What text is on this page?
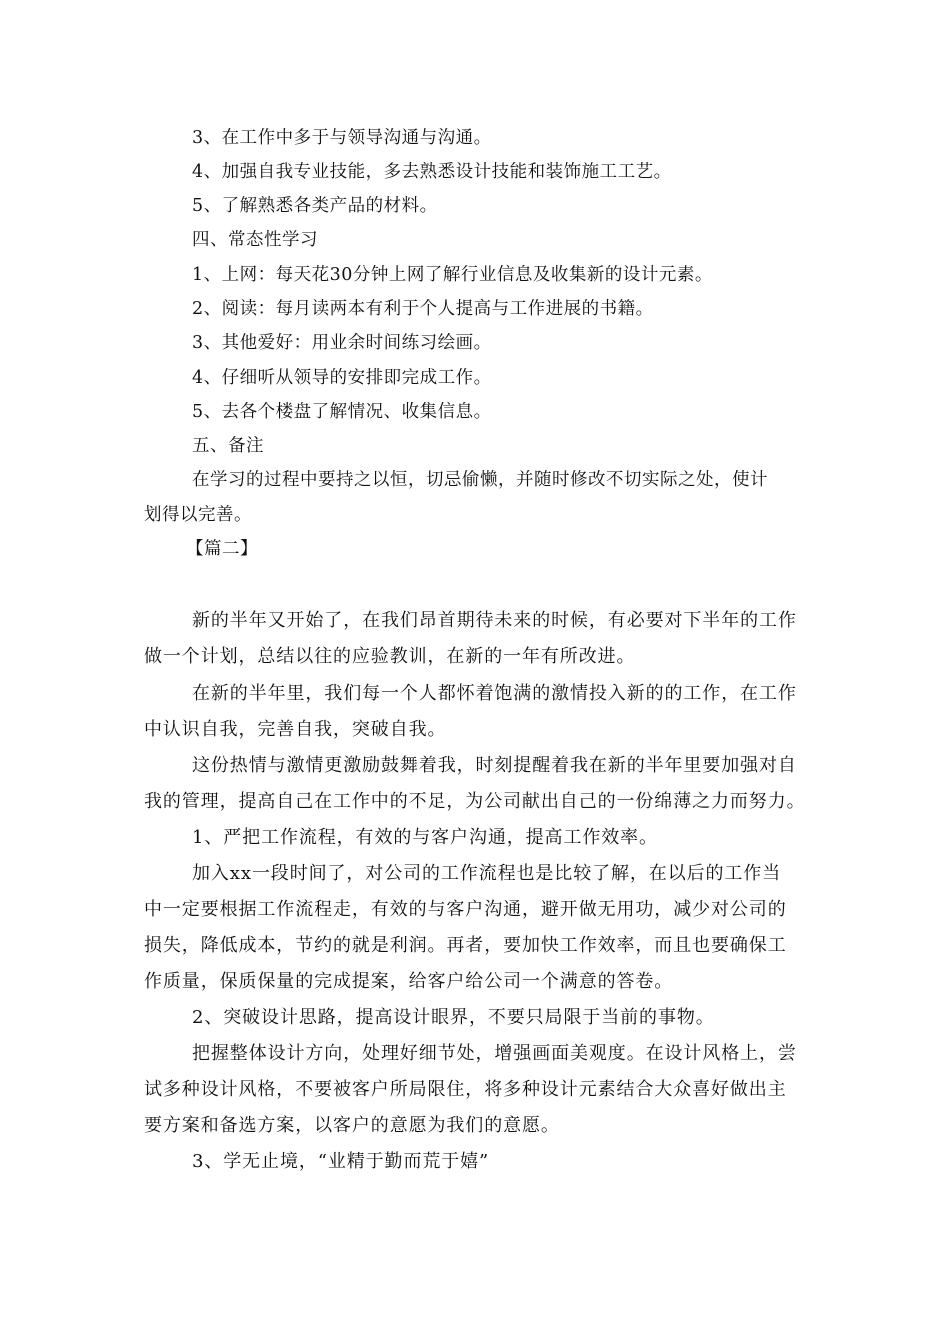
3、在工作中多于与领导沟通与沟通。
4、加强自我专业技能，多去熟悉设计技能和装饰施工工艺。
5、了解熟悉各类产品的材料。
四、常态性学习
1、上网：每天花30分钟上网了解行业信息及收集新的设计元素。
2、阅读：每月读两本有利于个人提高与工作进展的书籍。
3、其他爱好：用业余时间练习绘画。
4、仔细听从领导的安排即完成工作。
5、去各个楼盘了解情况、收集信息。
五、备注
在学习的过程中要持之以恒，切忌偷懒，并随时修改不切实际之处，使计
划得以完善。
【篇二】
新的半年又开始了，在我们昂首期待未来的时候，有必要对下半年的工作
做一个计划，总结以往的应验教训，在新的一年有所改进。
在新的半年里，我们每一个人都怀着饱满的激情投入新的的工作，在工作
中认识自我，完善自我，突破自我。
这份热情与激情更激励鼓舞着我，时刻提醒着我在新的半年里要加强对自
我的管理，提高自己在工作中的不足，为公司献出自己的一份绵薄之力而努力。
1、严把工作流程，有效的与客户沟通，提高工作效率。
加入xx一段时间了，对公司的工作流程也是比较了解，在以后的工作当
中一定要根据工作流程走，有效的与客户沟通，避开做无用功，减少对公司的
损失，降低成本，节约的就是利润。再者，要加快工作效率，而且也要确保工
作质量，保质保量的完成提案，给客户给公司一个满意的答卷。
2、突破设计思路，提高设计眼界，不要只局限于当前的事物。
把握整体设计方向，处理好细节处，增强画面美观度。在设计风格上，尝
试多种设计风格，不要被客户所局限住，将多种设计元素结合大众喜好做出主
要方案和备选方案，以客户的意愿为我们的意愿。
3、学无止境，“业精于勤而荒于嬉”
